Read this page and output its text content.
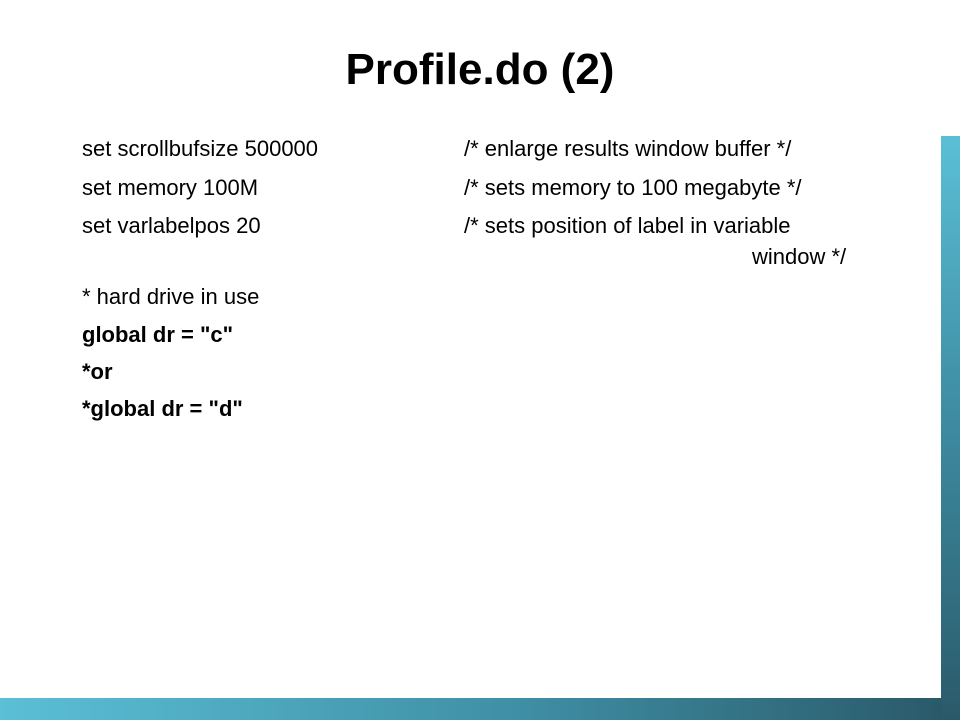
Profile.do (2)
set scrollbufsize 500000	/* enlarge results window buffer */
set memory 100M	/* sets memory to 100 megabyte */
set varlabelpos 20	/* sets position of label in variable
window */
* hard drive in use
global dr = "c"
*or
*global dr = "d"
